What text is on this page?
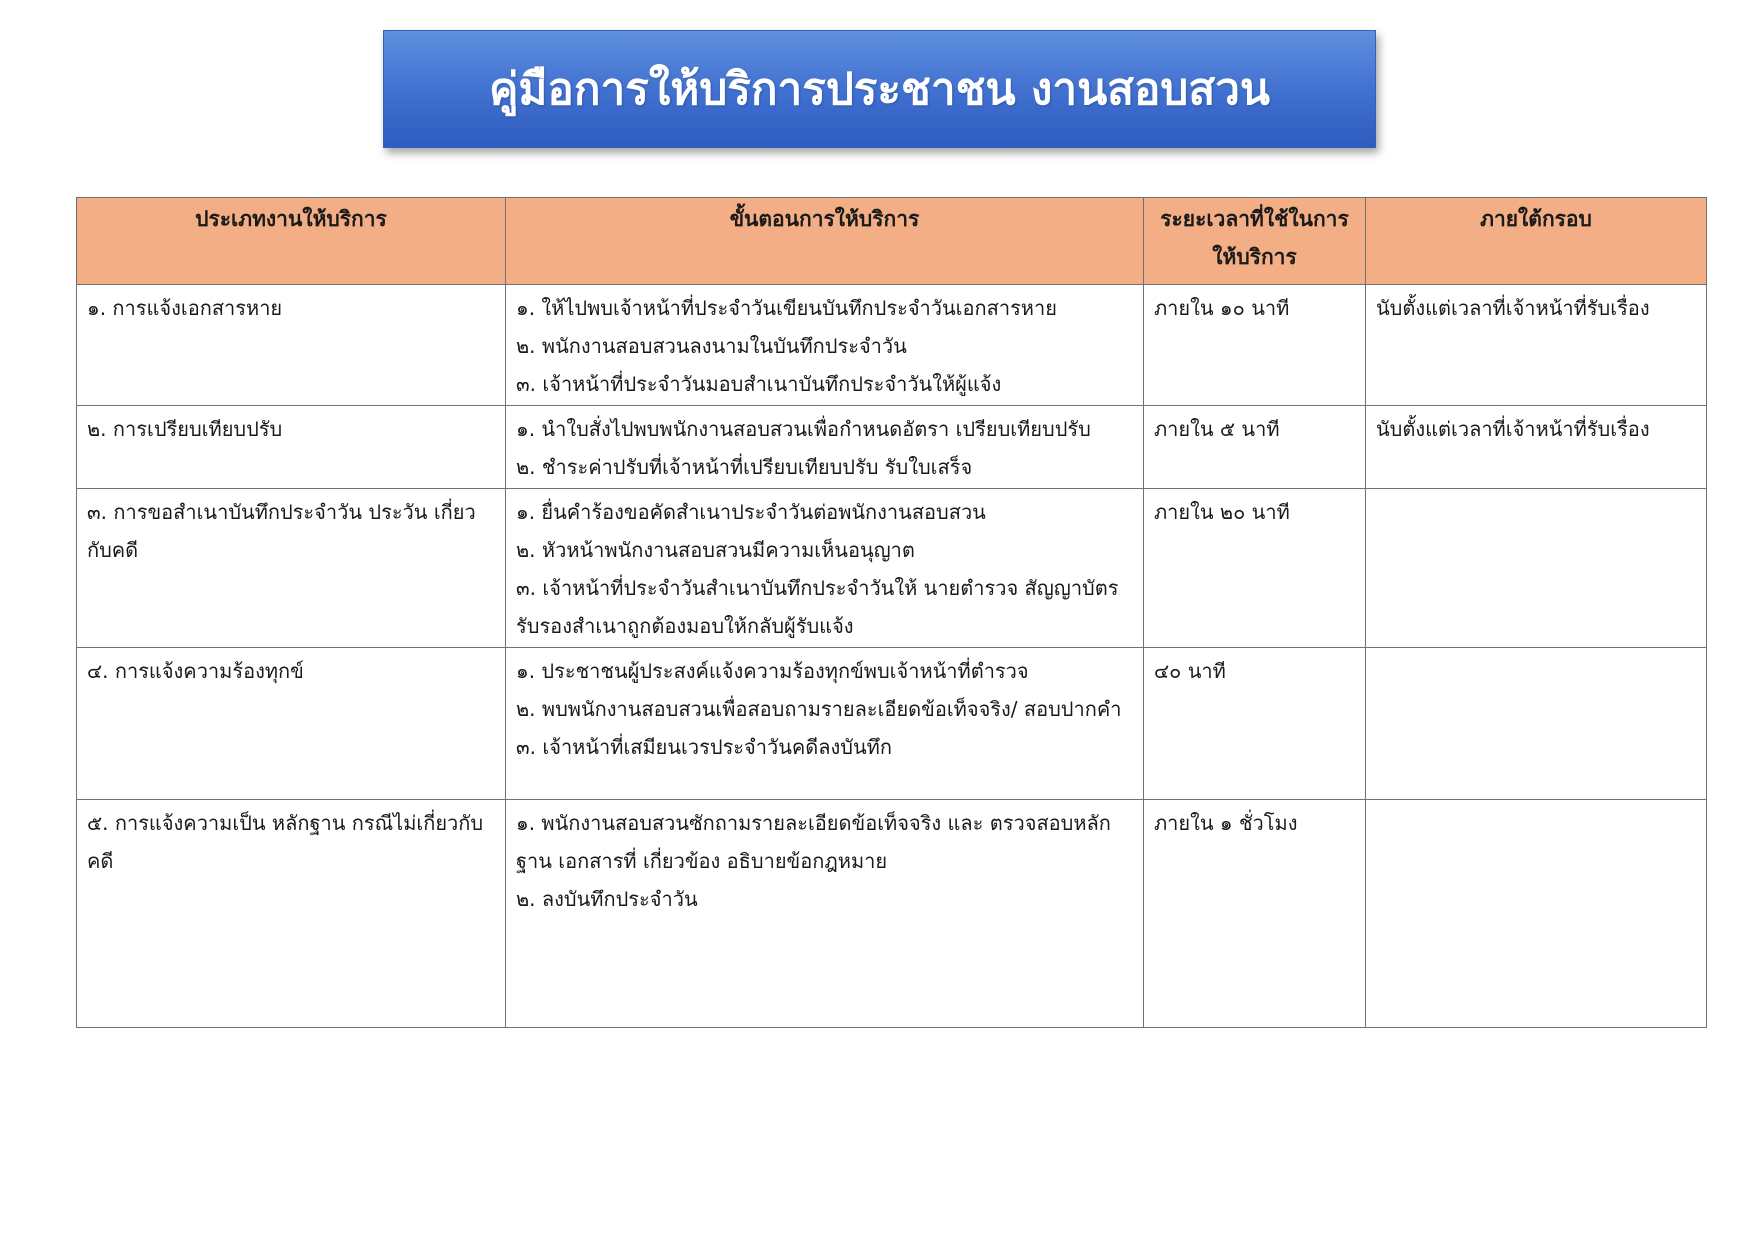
คู่มือการให้บริการประชาชน งานสอบสวน
ประเภทงานให้บริการ	ขั้นตอนการให้บริการ	ระยะเวลาที่ใช้ในการให้บริการ	ภายใต้กรอบ

๑. การแจ้งเอกสารหาย	๑. ให้ไปพบเจ้าหน้าที่ประจำวันเขียนบันทึกประจำวันเอกสารหาย
๒. พนักงานสอบสวนลงนามในบันทึกประจำวัน
๓. เจ้าหน้าที่ประจำวันมอบสำเนาบันทึกประจำวันให้ผู้แจ้ง	ภายใน ๑๐ นาที	นับตั้งแต่เวลาที่เจ้าหน้าที่รับเรื่อง

๒. การเปรียบเทียบปรับ	๑. นำใบสั่งไปพบพนักงานสอบสวนเพื่อกำหนดอัตรา เปรียบเทียบปรับ
๒. ชำระค่าปรับที่เจ้าหน้าที่เปรียบเทียบปรับ รับใบเสร็จ	ภายใน ๕ นาที	นับตั้งแต่เวลาที่เจ้าหน้าที่รับเรื่อง

๓. การขอสำเนาบันทึกประจำวัน ประวัน เกี่ยวกับคดี	๑. ยื่นคำร้องขอคัดสำเนาประจำวันต่อพนักงานสอบสวน
๒. หัวหน้าพนักงานสอบสวนมีความเห็นอนุญาต
๓. เจ้าหน้าที่ประจำวันสำเนาบันทึกประจำวันให้ นายตำรวจ สัญญาบัตรรับรองสำเนาถูกต้องมอบให้กลับผู้รับแจ้ง	ภายใน ๒๐ นาที	

๔. การแจ้งความร้องทุกข์	๑. ประชาชนผู้ประสงค์แจ้งความร้องทุกข์พบเจ้าหน้าที่ตำรวจ
๒. พบพนักงานสอบสวนเพื่อสอบถามรายละเอียดข้อเท็จจริง/ สอบปากคำ
๓. เจ้าหน้าที่เสมียนเวรประจำวันคดีลงบันทึก	๔๐ นาที	

๕. การแจ้งความเป็น หลักฐาน กรณีไม่เกี่ยวกับคดี	๑. พนักงานสอบสวนซักถามรายละเอียดข้อเท็จจริง และ ตรวจสอบหลักฐาน เอกสารที่ เกี่ยวข้อง อธิบายข้อกฎหมาย
๒. ลงบันทึกประจำวัน	ภายใน ๑ ชั่วโมง	
